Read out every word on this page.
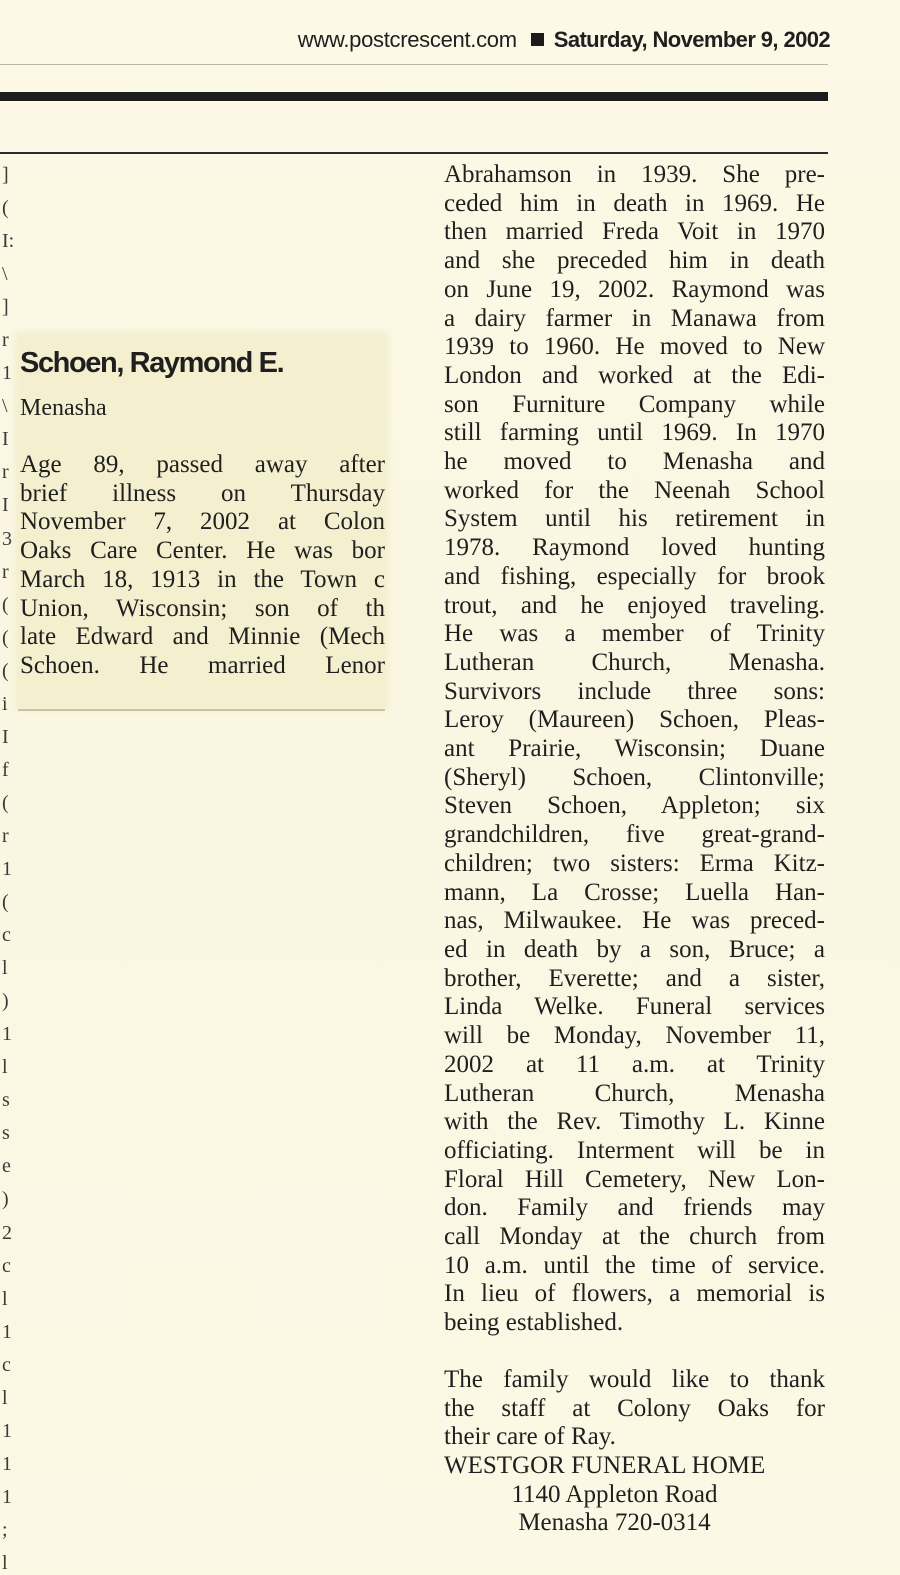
www.postcrescent.com Saturday, November 9, 2002
]
(
I:
\
]
r
1
\
I
r
I
3
r
(
(
(
i
I
f
(
r
1
(
c
l
)
1
l
s
s
e
)
2
c
l
1
c
l
1
1
1
;
l
Schoen, Raymond E.
Menasha
Age 89, passed away after
brief illness on Thursday
November 7, 2002 at Colon
Oaks Care Center. He was bor
March 18, 1913 in the Town c
Union, Wisconsin; son of th
late Edward and Minnie (Mech
Schoen. He married Lenor
Abrahamson in 1939. She pre-
ceded him in death in 1969. He
then married Freda Voit in 1970
and she preceded him in death
on June 19, 2002. Raymond was
a dairy farmer in Manawa from
1939 to 1960. He moved to New
London and worked at the Edi-
son Furniture Company while
still farming until 1969. In 1970
he moved to Menasha and
worked for the Neenah School
System until his retirement in
1978. Raymond loved hunting
and fishing, especially for brook
trout, and he enjoyed traveling.
He was a member of Trinity
Lutheran Church, Menasha.
Survivors include three sons:
Leroy (Maureen) Schoen, Pleas-
ant Prairie, Wisconsin; Duane
(Sheryl) Schoen, Clintonville;
Steven Schoen, Appleton; six
grandchildren, five great-grand-
children; two sisters: Erma Kitz-
mann, La Crosse; Luella Han-
nas, Milwaukee. He was preced-
ed in death by a son, Bruce; a
brother, Everette; and a sister,
Linda Welke. Funeral services
will be Monday, November 11,
2002 at 11 a.m. at Trinity
Lutheran Church, Menasha
with the Rev. Timothy L. Kinne
officiating. Interment will be in
Floral Hill Cemetery, New Lon-
don. Family and friends may
call Monday at the church from
10 a.m. until the time of service.
In lieu of flowers, a memorial is
being established.
The family would like to thank
the staff at Colony Oaks for
their care of Ray.
WESTGOR FUNERAL HOME
1140 Appleton Road
Menasha 720-0314
